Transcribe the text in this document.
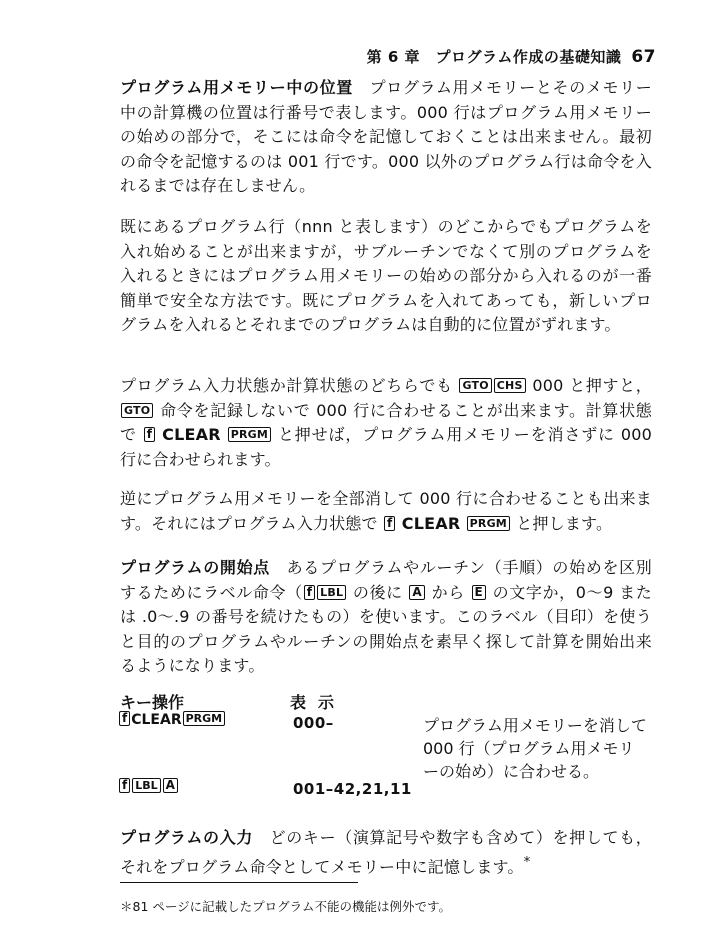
第 6 章　プログラム作成の基礎知識 67

プログラム用メモリー中の位置　プログラム用メモリーとそのメモリー中の計算機の位置は行番号で表します。000 行はプログラム用メモリーの始めの部分で，そこには命令を記憶しておくことは出来ません。最初の命令を記憶するのは 001 行です。000 以外のプログラム行は命令を入れるまでは存在しません。

既にあるプログラム行（nnn と表します）のどこからでもプログラムを入れ始めることが出来ますが，サブルーチンでなくて別のプログラムを入れるときにはプログラム用メモリーの始めの部分から入れるのが一番簡単で安全な方法です。既にプログラムを入れてあっても，新しいプログラムを入れるとそれまでのプログラムは自動的に位置がずれます。

プログラム入力状態か計算状態のどちらでも GTO CHS 000 と押すと，GTO 命令を記録しないで 000 行に合わせることが出来ます。計算状態で f CLEAR PRGM と押せば，プログラム用メモリーを消さずに 000 行に合わせられます。

逆にプログラム用メモリーを全部消して 000 行に合わせることも出来ます。それにはプログラム入力状態で f CLEAR PRGM と押します。

プログラムの開始点　あるプログラムやルーチン（手順）の始めを区別するためにラベル命令（ f LBL の後に A から E の文字か，0～9 または .0～.9 の番号を続けたもの）を使います。このラベル（目印）を使うと目的のプログラムやルーチンの開始点を素早く探して計算を開始出来るようになります。

キー操作	表示
f CLEAR PRGM	000–	プログラム用メモリーを消して 000 行（プログラム用メモリーの始め）に合わせる。
f LBL A	001–42,21,11

プログラムの入力　どのキー（演算記号や数字も含めて）を押しても，それをプログラム命令としてメモリー中に記憶します。*

＊81 ページに記載したプログラム不能の機能は例外です。
